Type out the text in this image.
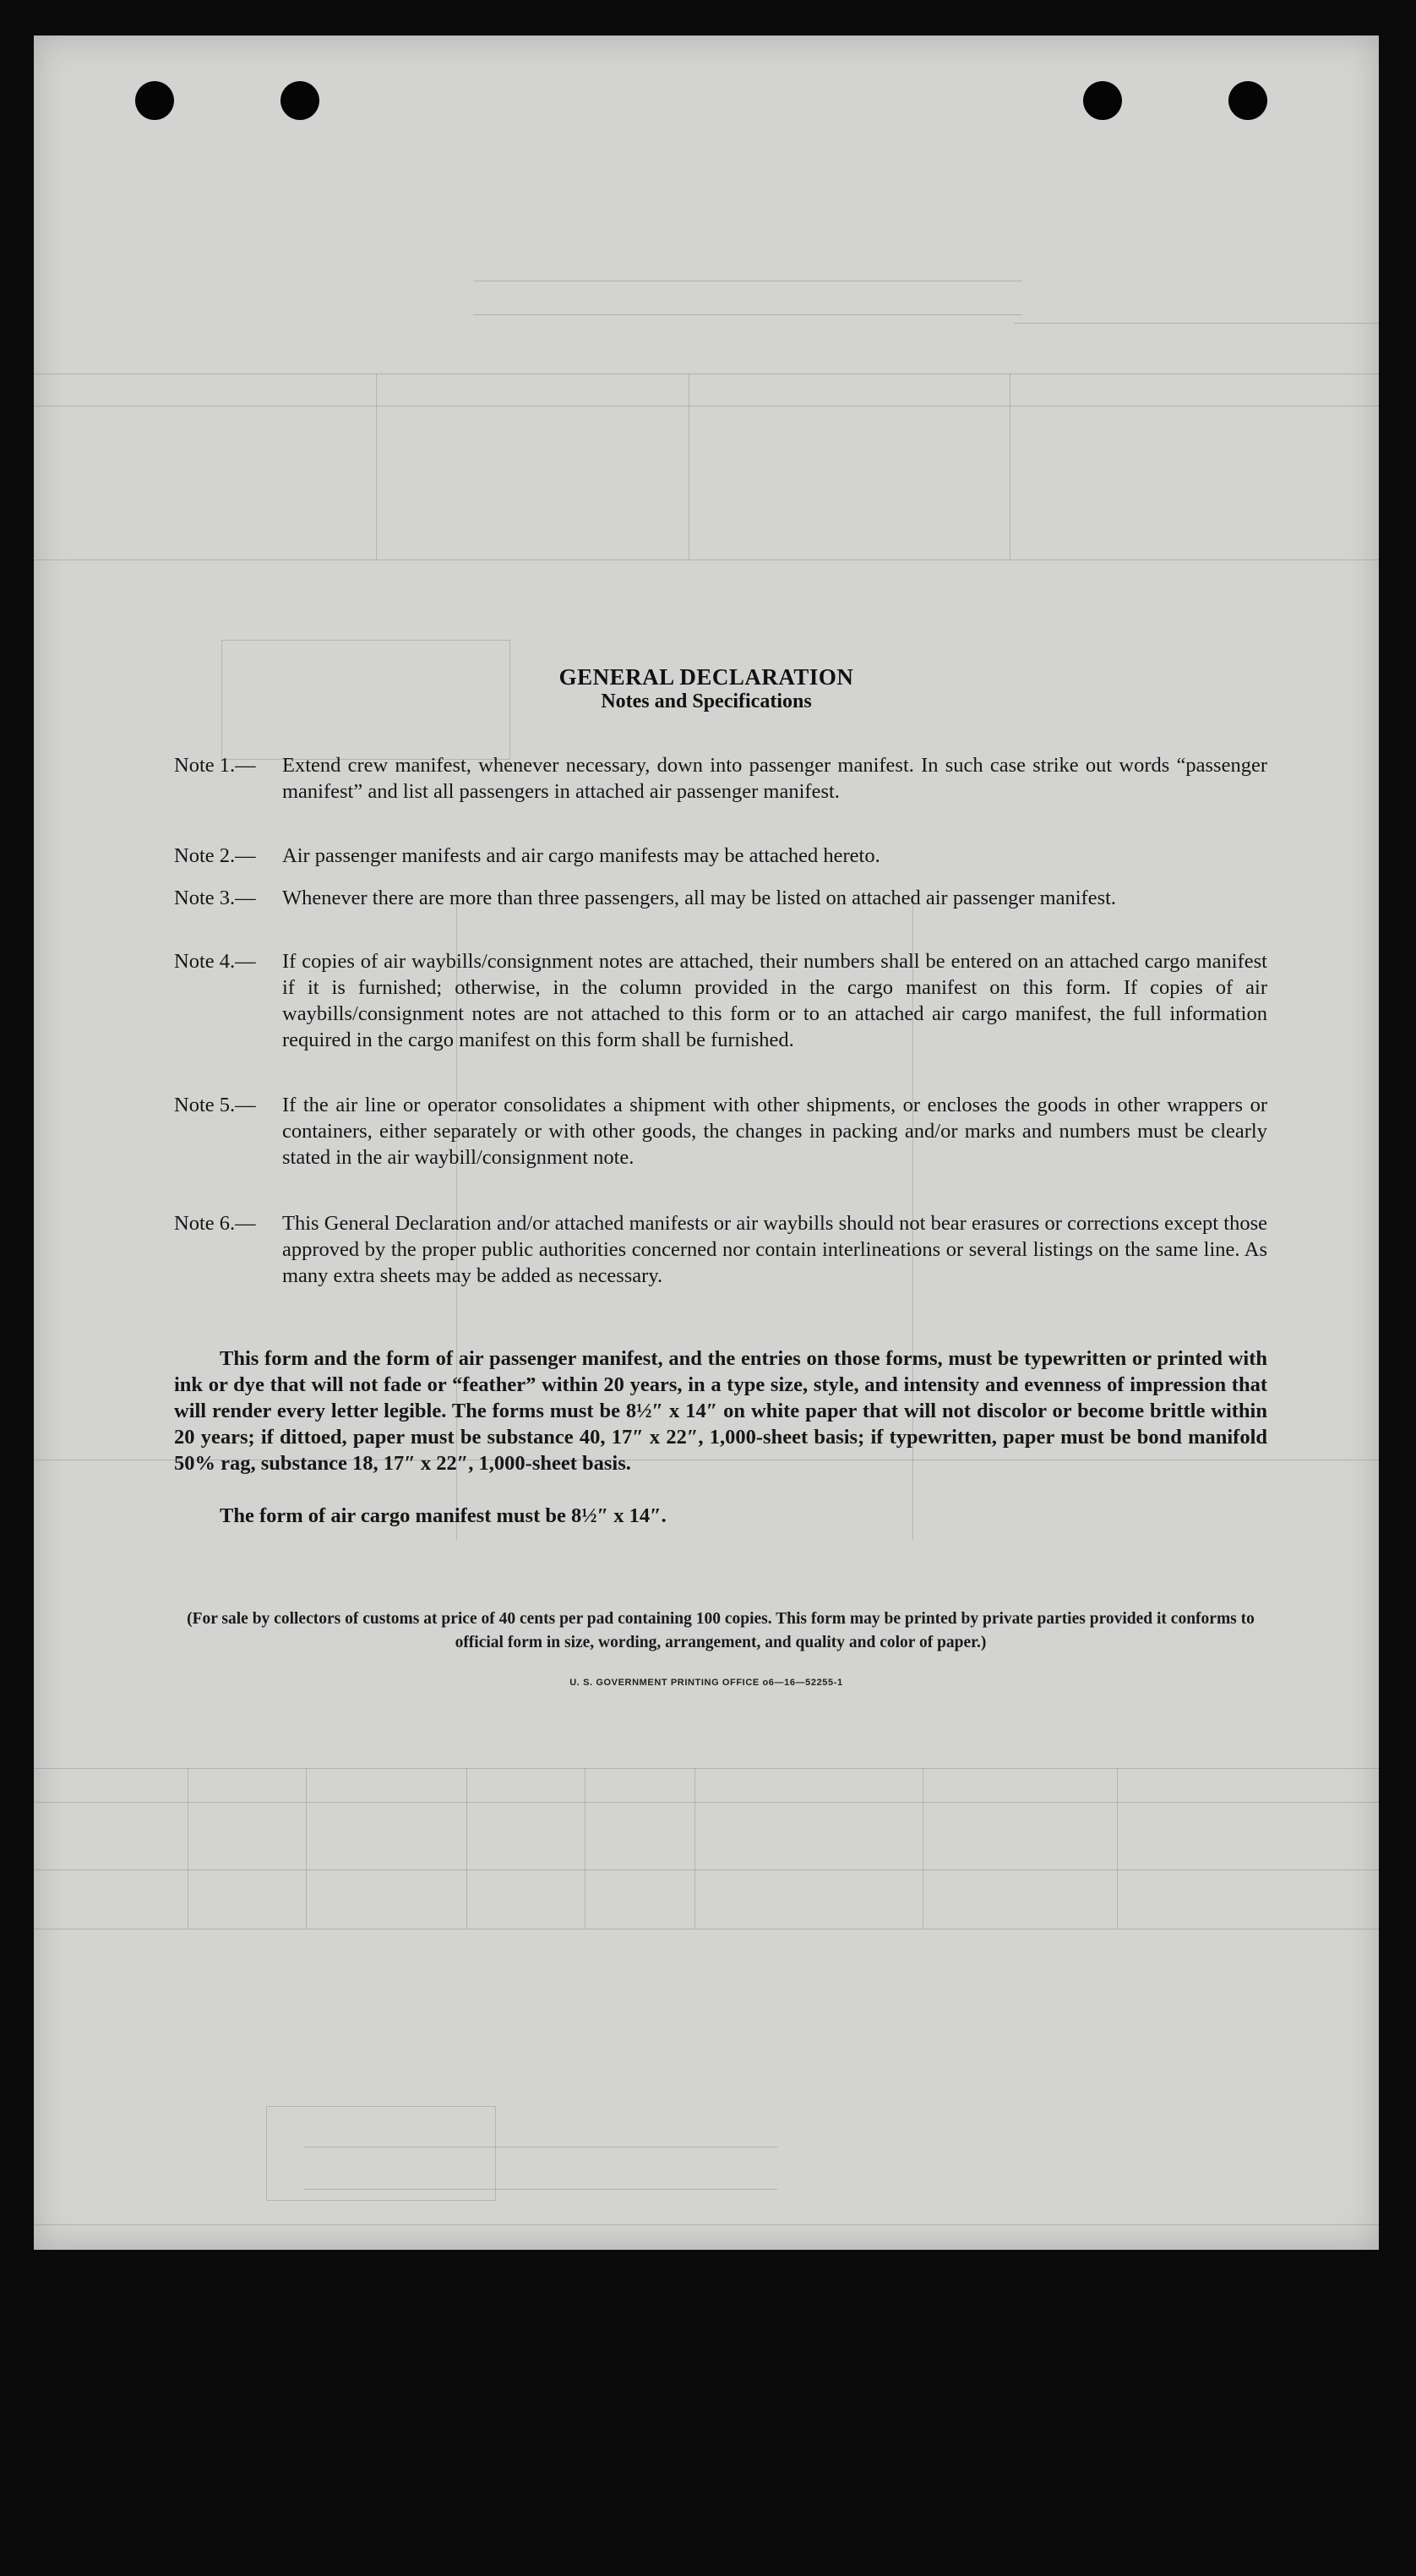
GENERAL DECLARATION
Notes and Specifications
Note 1.— Extend crew manifest, whenever necessary, down into passenger manifest. In such case strike out words “passenger manifest” and list all passengers in attached air passenger manifest.
Note 2.— Air passenger manifests and air cargo manifests may be attached hereto.
Note 3.— Whenever there are more than three passengers, all may be listed on attached air passenger manifest.
Note 4.— If copies of air waybills/consignment notes are attached, their numbers shall be entered on an attached cargo manifest if it is furnished; otherwise, in the column provided in the cargo manifest on this form. If copies of air waybills/consignment notes are not attached to this form or to an attached air cargo manifest, the full information required in the cargo manifest on this form shall be furnished.
Note 5.— If the air line or operator consolidates a shipment with other shipments, or encloses the goods in other wrappers or containers, either separately or with other goods, the changes in packing and/or marks and numbers must be clearly stated in the air waybill/consignment note.
Note 6.— This General Declaration and/or attached manifests or air waybills should not bear erasures or corrections except those approved by the proper public authorities concerned nor contain interlineations or several listings on the same line. As many extra sheets may be added as necessary.
This form and the form of air passenger manifest, and the entries on those forms, must be typewritten or printed with ink or dye that will not fade or “feather” within 20 years, in a type size, style, and intensity and evenness of impression that will render every letter legible. The forms must be 8½″ x 14″ on white paper that will not discolor or become brittle within 20 years; if dittoed, paper must be substance 40, 17″ x 22″, 1,000-sheet basis; if typewritten, paper must be bond manifold 50% rag, substance 18, 17″ x 22″, 1,000-sheet basis.
The form of air cargo manifest must be 8½″ x 14″.
(For sale by collectors of customs at price of 40 cents per pad containing 100 copies. This form may be printed by private parties provided it conforms to official form in size, wording, arrangement, and quality and color of paper.)
U. S. GOVERNMENT PRINTING OFFICE o6—16—52255-1
